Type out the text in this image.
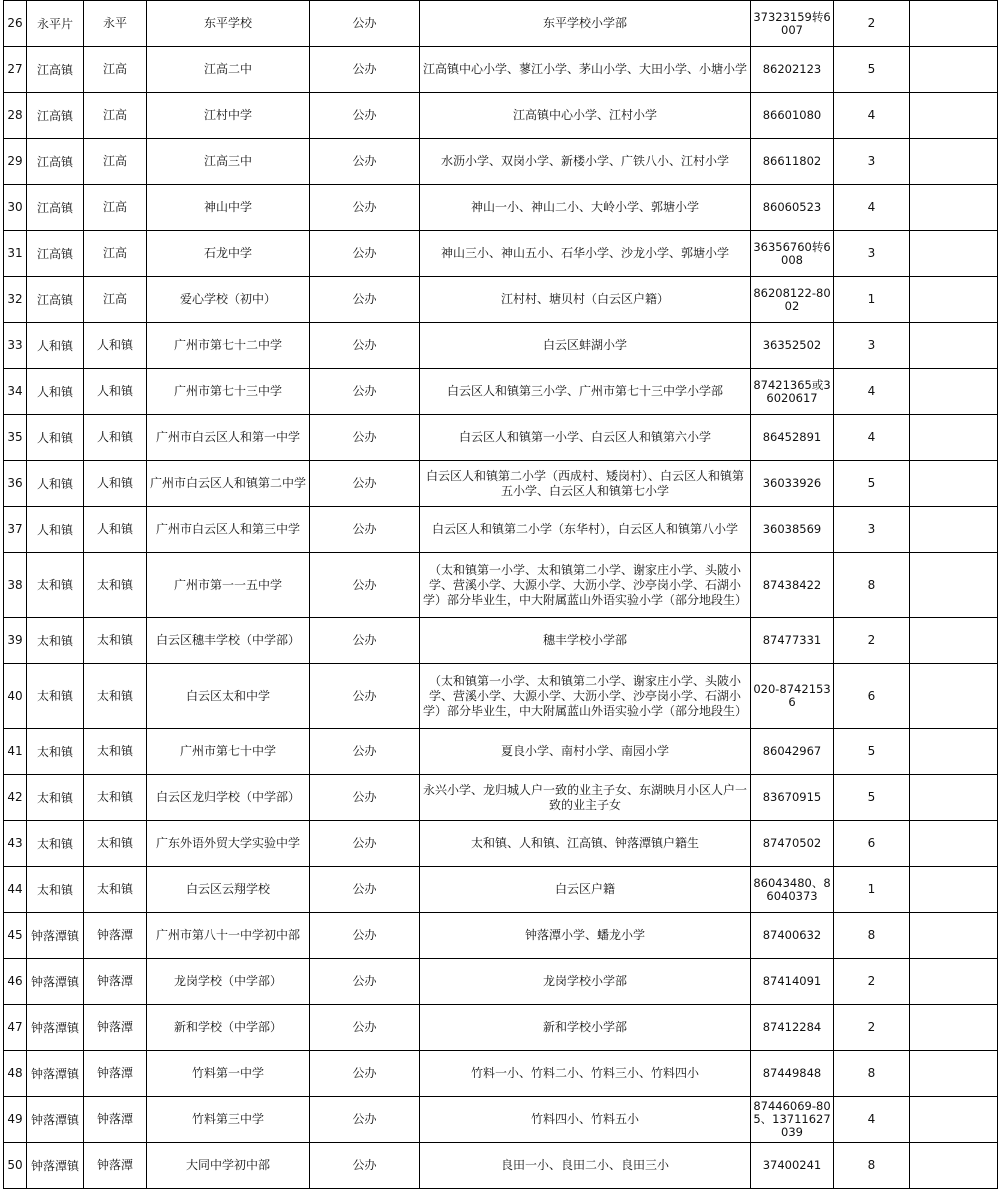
26	永平片	永平	东平学校	公办	东平学校小学部	37323159转6007	2	
27	江高镇	江高	江高二中	公办	江高镇中心小学、蓼江小学、茅山小学、大田小学、小塘小学	86202123	5	
28	江高镇	江高	江村中学	公办	江高镇中心小学、江村小学	86601080	4	
29	江高镇	江高	江高三中	公办	水沥小学、双岗小学、新楼小学、广铁八小、江村小学	86611802	3	
30	江高镇	江高	神山中学	公办	神山一小、神山二小、大岭小学、郭塘小学	86060523	4	
31	江高镇	江高	石龙中学	公办	神山三小、神山五小、石华小学、沙龙小学、郭塘小学	36356760转6008	3	
32	江高镇	江高	爱心学校（初中）	公办	江村村、塘贝村（白云区户籍）	86208122-8002	1	
33	人和镇	人和镇	广州市第七十二中学	公办	白云区蚌湖小学	36352502	3	
34	人和镇	人和镇	广州市第七十三中学	公办	白云区人和镇第三小学、广州市第七十三中学小学部	87421365或36020617	4	
35	人和镇	人和镇	广州市白云区人和第一中学	公办	白云区人和镇第一小学、白云区人和镇第六小学	86452891	4	
36	人和镇	人和镇	广州市白云区人和镇第二中学	公办	白云区人和镇第二小学（西成村、矮岗村）、白云区人和镇第五小学、白云区人和镇第七小学	36033926	5	
37	人和镇	人和镇	广州市白云区人和第三中学	公办	白云区人和镇第二小学（东华村），白云区人和镇第八小学	36038569	3	
38	太和镇	太和镇	广州市第一一五中学	公办	（太和镇第一小学、太和镇第二小学、谢家庄小学、头陂小学、营溪小学、大源小学、大沥小学、沙亭岗小学、石湖小学）部分毕业生，中大附属蓝山外语实验小学（部分地段生）	87438422	8	
39	太和镇	太和镇	白云区穗丰学校（中学部）	公办	穗丰学校小学部	87477331	2	
40	太和镇	太和镇	白云区太和中学	公办	（太和镇第一小学、太和镇第二小学、谢家庄小学、头陂小学、营溪小学、大源小学、大沥小学、沙亭岗小学、石湖小学）部分毕业生，中大附属蓝山外语实验小学（部分地段生）	020-87421536	6	
41	太和镇	太和镇	广州市第七十中学	公办	夏良小学、南村小学、南园小学	86042967	5	
42	太和镇	太和镇	白云区龙归学校（中学部）	公办	永兴小学、龙归城人户一致的业主子女、东湖映月小区人户一致的业主子女	83670915	5	
43	太和镇	太和镇	广东外语外贸大学实验中学	公办	太和镇、人和镇、江高镇、钟落潭镇户籍生	87470502	6	
44	太和镇	太和镇	白云区云翔学校	公办	白云区户籍	86043480、86040373	1	
45	钟落潭镇	钟落潭	广州市第八十一中学初中部	公办	钟落潭小学、蟠龙小学	87400632	8	
46	钟落潭镇	钟落潭	龙岗学校（中学部）	公办	龙岗学校小学部	87414091	2	
47	钟落潭镇	钟落潭	新和学校（中学部）	公办	新和学校小学部	87412284	2	
48	钟落潭镇	钟落潭	竹料第一中学	公办	竹料一小、竹料二小、竹料三小、竹料四小	87449848	8	
49	钟落潭镇	钟落潭	竹料第三中学	公办	竹料四小、竹料五小	87446069-805、13711627039	4	
50	钟落潭镇	钟落潭	大同中学初中部	公办	良田一小、良田二小、良田三小	37400241	8	
